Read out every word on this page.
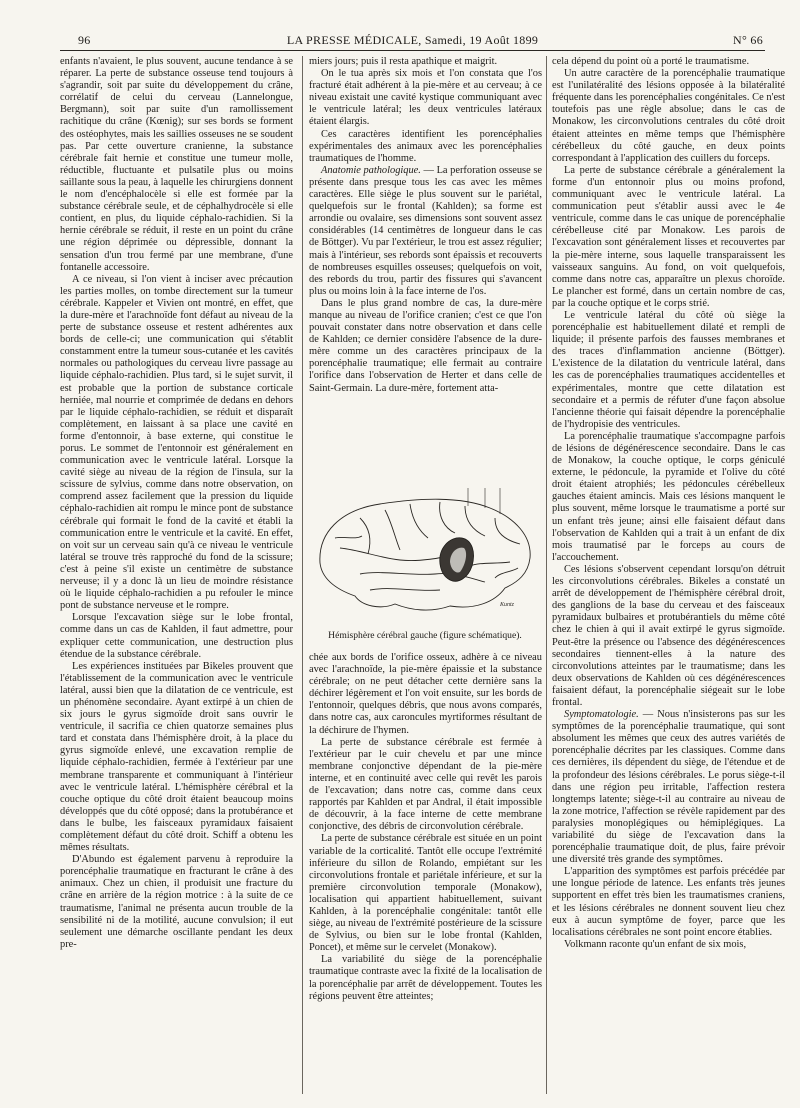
96	LA PRESSE MÉDICALE, Samedi, 19 Août 1899	N° 66

enfants n'avaient, le plus souvent, aucune tendance à se réparer. La perte de substance osseuse tend toujours à s'agrandir, soit par suite du développement du crâne, corrélatif de celui du cerveau (Lannelongue, Bergmann), soit par suite d'un ramollissement rachitique du crâne (Kœnig); sur ses bords se forment des ostéophytes, mais les saillies osseuses ne se soudent pas. Par cette ouverture cranienne, la substance cérébrale fait hernie et constitue une tumeur molle, réductible, fluctuante et pulsatile plus ou moins saillante sous la peau, à laquelle les chirurgiens donnent le nom d'encéphalocèle si elle est formée par la substance cérébrale seule, et de céphalhydrocèle si elle contient, en plus, du liquide céphalo-rachidien. Si la hernie cérébrale se réduit, il reste en un point du crâne une région déprimée ou dépressible, donnant la sensation d'un trou fermé par une membrane, d'une fontanelle accessoire.

A ce niveau, si l'on vient à inciser avec précaution les parties molles, on tombe directement sur la tumeur cérébrale. Kappeler et Vivien ont montré, en effet, que la dure-mère et l'arachnoïde font défaut au niveau de la perte de substance osseuse et restent adhérentes aux bords de celle-ci; une communication qui s'établit constamment entre la tumeur sous-cutanée et les cavités normales ou pathologiques du cerveau livre passage au liquide céphalo-rachidien. Plus tard, si le sujet survit, il est probable que la portion de substance corticale herniée, mal nourrie et comprimée de dedans en dehors par le liquide céphalo-rachidien, se réduit et disparaît complètement, en laissant à sa place une cavité en forme d'entonnoir, à base externe, qui constitue le porus. Le sommet de l'entonnoir est généralement en communication avec le ventricule latéral. Lorsque la cavité siège au niveau de la région de l'insula, sur la scissure de sylvius, comme dans notre observation, on comprend assez facilement que la pression du liquide céphalo-rachidien ait rompu le mince pont de substance cérébrale qui formait le fond de la cavité et établi la communication entre le ventricule et la cavité. En effet, on voit sur un cerveau sain qu'à ce niveau le ventricule latéral se trouve très rapproché du fond de la scissure; c'est à peine s'il existe un centimètre de substance nerveuse; il y a donc là un lieu de moindre résistance où le liquide céphalo-rachidien a pu refouler le mince pont de substance nerveuse et le rompre.

Lorsque l'excavation siège sur le lobe frontal, comme dans un cas de Kahlden, il faut admettre, pour expliquer cette communication, une destruction plus étendue de la substance cérébrale.

Les expériences instituées par Bikeles prouvent que l'établissement de la communication avec le ventricule latéral, aussi bien que la dilatation de ce ventricule, est un phénomène secondaire. Ayant extirpé à un chien de six jours le gyrus sigmoïde droit sans ouvrir le ventricule, il sacrifia ce chien quatorze semaines plus tard et constata dans l'hémisphère droit, à la place du gyrus sigmoïde enlevé, une excavation remplie de liquide céphalo-rachidien, fermée à l'extérieur par une membrane transparente et communiquant à l'intérieur avec le ventricule latéral. L'hémisphère cérébral et la couche optique du côté droit étaient beaucoup moins développés que du côté opposé; dans la protubérance et dans le bulbe, les faisceaux pyramidaux faisaient complètement défaut du côté droit. Schiff a obtenu les mêmes résultats.

D'Abundo est également parvenu à reproduire la porencéphalie traumatique en fracturant le crâne à des animaux. Chez un chien, il produisit une fracture du crâne en arrière de la région motrice : à la suite de ce traumatisme, l'animal ne présenta aucun trouble de la sensibilité ni de la motilité, aucune convulsion; il eut seulement une démarche oscillante pendant les deux pre-

miers jours; puis il resta apathique et maigrit.

On le tua après six mois et l'on constata que l'os fracturé était adhérent à la pie-mère et au cerveau; à ce niveau existait une cavité kystique communiquant avec le ventricule latéral; les deux ventricules latéraux étaient élargis.

Ces caractères identifient les porencéphalies expérimentales des animaux avec les porencéphalies traumatiques de l'homme.

Anatomie pathologique. — La perforation osseuse se présente dans presque tous les cas avec les mêmes caractères. Elle siège le plus souvent sur le pariétal, quelquefois sur le frontal (Kahlden); sa forme est arrondie ou ovalaire, ses dimensions sont souvent assez considérables (14 centimètres de longueur dans le cas de Böttger). Vu par l'extérieur, le trou est assez régulier; mais à l'intérieur, ses rebords sont épaissis et recouverts de nombreuses esquilles osseuses; quelquefois on voit, des rebords du trou, partir des fissures qui s'avancent plus ou moins loin à la face interne de l'os.

Dans le plus grand nombre de cas, la dure-mère manque au niveau de l'orifice cranien; c'est ce que l'on pouvait constater dans notre observation et dans celle de Kahlden; ce dernier considère l'absence de la dure-mère comme un des caractères principaux de la porencéphalie traumatique; elle fermait au contraire l'orifice dans l'observation de Herter et dans celle de Saint-Germain. La dure-mère, fortement atta-

Kuntz
Hémisphère cérébral gauche (figure schématique).

chée aux bords de l'orifice osseux, adhère à ce niveau avec l'arachnoïde, la pie-mère épaissie et la substance cérébrale; on ne peut détacher cette dernière sans la déchirer légèrement et l'on voit ensuite, sur les bords de l'entonnoir, quelques débris, que nous avons comparés, dans notre cas, aux caroncules myrtiformes résultant de la déchirure de l'hymen.

La perte de substance cérébrale est fermée à l'extérieur par le cuir chevelu et par une mince membrane conjonctive dépendant de la pie-mère interne, et en continuité avec celle qui revêt les parois de l'excavation; dans notre cas, comme dans ceux rapportés par Kahlden et par Andral, il était impossible de découvrir, à la face interne de cette membrane conjonctive, des débris de circonvolution cérébrale.

La perte de substance cérébrale est située en un point variable de la corticalité. Tantôt elle occupe l'extrémité inférieure du sillon de Rolando, empiétant sur les circonvolutions frontale et pariétale inférieure, et sur la première circonvolution temporale (Monakow), localisation qui appartient habituellement, suivant Kahlden, à la porencéphalie congénitale: tantôt elle siège, au niveau de l'extrémité postérieure de la scissure de Sylvius, ou bien sur le lobe frontal (Kahlden, Poncet), et même sur le cervelet (Monakow).

La variabilité du siège de la porencéphalie traumatique contraste avec la fixité de la localisation de la porencéphalie par arrêt de développement. Toutes les régions peuvent être atteintes;

cela dépend du point où a porté le traumatisme.

Un autre caractère de la porencéphalie traumatique est l'unilatéralité des lésions opposée à la bilatéralité fréquente dans les porencéphalies congénitales. Ce n'est toutefois pas une règle absolue; dans le cas de Monakow, les circonvolutions centrales du côté droit étaient atteintes en même temps que l'hémisphère cérébelleux du côté gauche, en deux points correspondant à l'application des cuillers du forceps.

La perte de substance cérébrale a généralement la forme d'un entonnoir plus ou moins profond, communiquant avec le ventricule latéral. La communication peut s'établir aussi avec le 4e ventricule, comme dans le cas unique de porencéphalie cérébelleuse cité par Monakow. Les parois de l'excavation sont généralement lisses et recouvertes par la pie-mère interne, sous laquelle transparaissent les vaisseaux sanguins. Au fond, on voit quelquefois, comme dans notre cas, apparaître un plexus choroïde. Le plancher est formé, dans un certain nombre de cas, par la couche optique et le corps strié.

Le ventricule latéral du côté où siège la porencéphalie est habituellement dilaté et rempli de liquide; il présente parfois des fausses membranes et des traces d'inflammation ancienne (Böttger). L'existence de la dilatation du ventricule latéral, dans les cas de porencéphalies traumatiques accidentelles et expérimentales, montre que cette dilatation est secondaire et a permis de réfuter d'une façon absolue l'ancienne théorie qui faisait dépendre la porencéphalie de l'hydropisie des ventricules.

La porencéphalie traumatique s'accompagne parfois de lésions de dégénérescence secondaire. Dans le cas de Monakow, la couche optique, le corps géniculé externe, le pédoncule, la pyramide et l'olive du côté droit étaient atrophiés; les pédoncules cérébelleux gauches étaient amincis. Mais ces lésions manquent le plus souvent, même lorsque le traumatisme a porté sur un enfant très jeune; ainsi elle faisaient défaut dans l'observation de Kahlden qui a trait à un enfant de dix mois traumatisé par le forceps au cours de l'accouchement.

Ces lésions s'observent cependant lorsqu'on détruit les circonvolutions cérébrales. Bikeles a constaté un arrêt de développement de l'hémisphère cérébral droit, des ganglions de la base du cerveau et des faisceaux pyramidaux bulbaires et protubérantiels du même côté chez le chien à qui il avait extirpé le gyrus sigmoïde. Peut-être la présence ou l'absence des dégénérescences secondaires tiennent-elles à la nature des circonvolutions atteintes par le traumatisme; dans les deux observations de Kahlden où ces dégénérescences faisaient défaut, la porencéphalie siégeait sur le lobe frontal.

Symptomatologie. — Nous n'insisterons pas sur les symptômes de la porencéphalie traumatique, qui sont absolument les mêmes que ceux des autres variétés de porencéphalie décrites par les classiques. Comme dans ces dernières, ils dépendent du siège, de l'étendue et de la profondeur des lésions cérébrales. Le porus siège-t-il dans une région peu irritable, l'affection restera longtemps latente; siège-t-il au contraire au niveau de la zone motrice, l'affection se révèle rapidement par des paralysies monoplégiques ou hémiplégiques. La variabilité du siège de l'excavation dans la porencéphalie traumatique doit, de plus, faire prévoir une diversité très grande des symptômes.

L'apparition des symptômes est parfois précédée par une longue période de latence. Les enfants très jeunes supportent en effet très bien les traumatismes craniens, et les lésions cérébrales ne donnent souvent lieu chez eux à aucun symptôme de foyer, parce que les localisations cérébrales ne sont point encore établies.

Volkmann raconte qu'un enfant de six mois,
